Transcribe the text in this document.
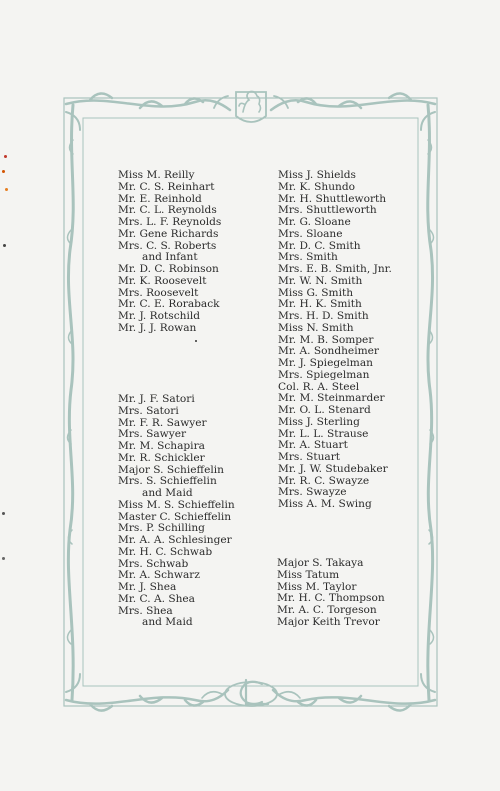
Miss M. Reilly
Mr. C. S. Reinhart
Mr. E. Reinhold
Mr. C. L. Reynolds
Mrs. L. F. Reynolds
Mr. Gene Richards
Mrs. C. S. Roberts
and Infant
Mr. D. C. Robinson
Mr. K. Roosevelt
Mrs. Roosevelt
Mr. C. E. Roraback
Mr. J. Rotschild
Mr. J. J. Rowan
Mr. J. F. Satori
Mrs. Satori
Mr. F. R. Sawyer
Mrs. Sawyer
Mr. M. Schapira
Mr. R. Schickler
Major S. Schieffelin
Mrs. S. Schieffelin
and Maid
Miss M. S. Schieffelin
Master C. Schieffelin
Mrs. P. Schilling
Mr. A. A. Schlesinger
Mr. H. C. Schwab
Mrs. Schwab
Mr. A. Schwarz
Mr. J. Shea
Mr. C. A. Shea
Mrs. Shea
and Maid
Miss J. Shields
Mr. K. Shundo
Mr. H. Shuttleworth
Mrs. Shuttleworth
Mr. G. Sloane
Mrs. Sloane
Mr. D. C. Smith
Mrs. Smith
Mrs. E. B. Smith, Jnr.
Mr. W. N. Smith
Miss G. Smith
Mr. H. K. Smith
Mrs. H. D. Smith
Miss N. Smith
Mr. M. B. Somper
Mr. A. Sondheimer
Mr. J. Spiegelman
Mrs. Spiegelman
Col. R. A. Steel
Mr. M. Steinmarder
Mr. O. L. Stenard
Miss J. Sterling
Mr. L. L. Strause
Mr. A. Stuart
Mrs. Stuart
Mr. J. W. Studebaker
Mr. R. C. Swayze
Mrs. Swayze
Miss A. M. Swing
Major S. Takaya
Miss Tatum
Miss M. Taylor
Mr. H. C. Thompson
Mr. A. C. Torgeson
Major Keith Trevor
